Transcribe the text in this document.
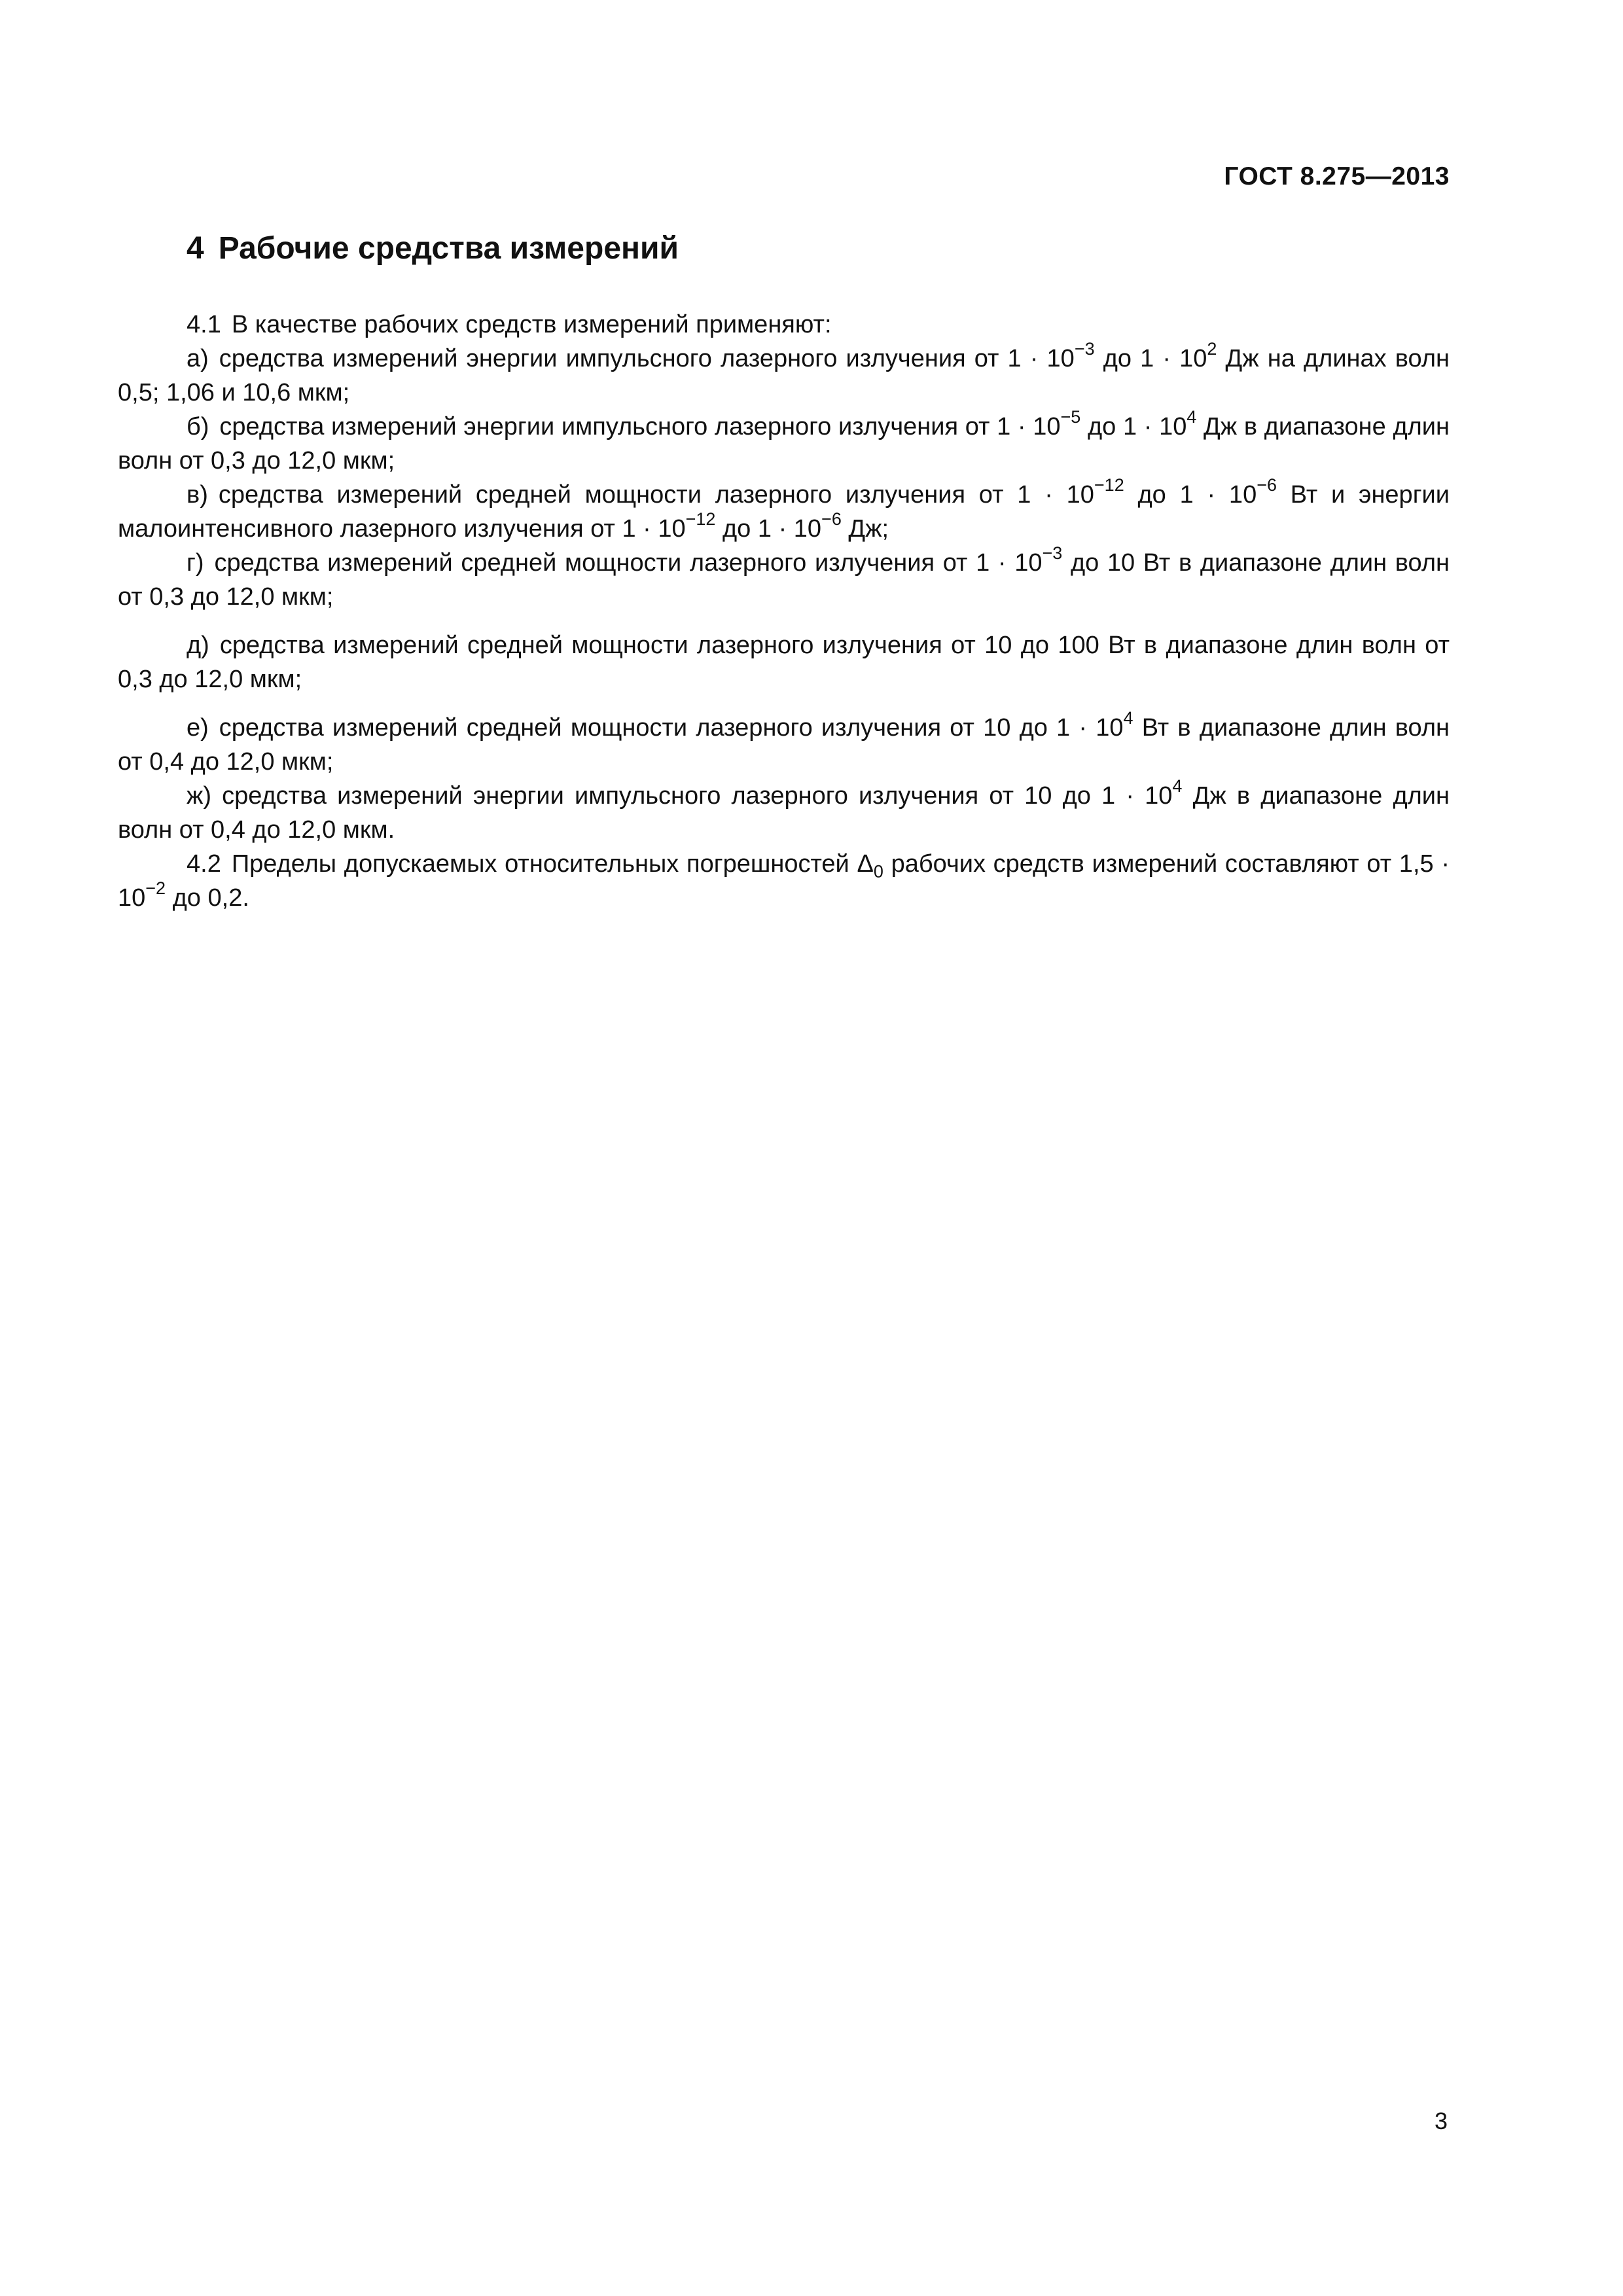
ГОСТ 8.275—2013
4 Рабочие средства измерений

4.1 В качестве рабочих средств измерений применяют:

а) средства измерений энергии импульсного лазерного излучения от $1 \cdot 10^{-3}$ до $1 \cdot 10^2$ Дж на длинах волн 0,5; 1,06 и 10,6 мкм;

б) средства измерений энергии импульсного лазерного излучения от $1 \cdot 10^{-5}$ до $1 \cdot 10^4$ Дж в диапазоне длин волн от 0,3 до 12,0 мкм;

в) средства измерений средней мощности лазерного излучения от $1 \cdot 10^{-12}$ до $1 \cdot 10^{-6}$ Вт и энергии малоинтенсивного лазерного излучения от $1 \cdot 10^{-12}$ до $1 \cdot 10^{-6}$ Дж;

г) средства измерений средней мощности лазерного излучения от $1 \cdot 10^{-3}$ до 10 Вт в диапазоне длин волн от 0,3 до 12,0 мкм;

д) средства измерений средней мощности лазерного излучения от 10 до 100 Вт в диапазоне длин волн от 0,3 до 12,0 мкм;

е) средства измерений средней мощности лазерного излучения от 10 до $1 \cdot 10^4$ Вт в диапазоне длин волн от 0,4 до 12,0 мкм;

ж) средства измерений энергии импульсного лазерного излучения от 10 до $1 \cdot 10^4$ Дж в диапазоне длин волн от 0,4 до 12,0 мкм.

4.2 Пределы допускаемых относительных погрешностей $\Delta_0$ рабочих средств измерений составляют от $1,5 \cdot 10^{-2}$ до 0,2.

3
